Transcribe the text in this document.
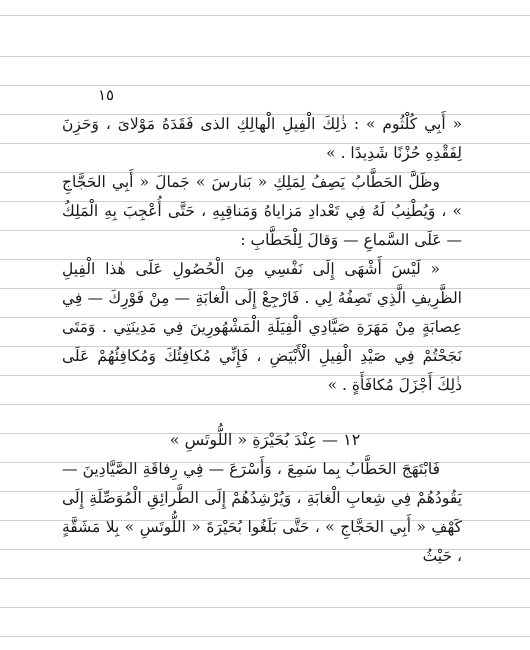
١٥

« أَبِي كُلْثُوم » : ذٰلِكَ الْفِيلِ الْهالِكِ الذى فَقَدَهُ مَوْلاىَ ، وَحَزِنَ لِفَقْدِهِ حُزْنًا شَدِيدًا . »

وظَلَّ الحَطَّابُ يَصِفُ لِمَلِكِ « بَنارسَ » جَمالَ « أَبِي الحَجَّاجِ » ، وَيُطْنِبُ لَهُ فِي تَعْدادِ مَزاياهُ وَمَناقِبِهِ ، حَتَّى أُعْجِبَ بِهِ الْمَلِكُ — عَلَى السَّماعِ — وَقالَ لِلْحَطَّابِ :

« لَيْسَ أَشْهَى إِلَى نَفْسِي مِنَ الْحُصُولِ عَلَى هٰذا الْفِيلِ الظَّرِيفِ الَّذِي تَصِفُهُ لِي . فَارْجِعْ إِلَى الْغابَةِ — مِنْ فَوْرِكَ — فِي عِصابَةٍ مِنْ مَهَرَةِ صَيَّادِي الْفِيَلَةِ الْمَشْهُورِينَ فِي مَدِينَتِي . وَمَتَى نَجَحْتُمْ فِي صَيْدِ الْفِيلِ الْأَبْيَضِ ، فَإِنِّي مُكافِئُكَ وَمُكافِئُهُمْ عَلَى ذٰلِكَ أَجْزَلَ مُكافَأَةٍ . »

١٢ — عِنْدَ بُحَيْرَةِ « اللُّوتَسِ »

فَابْتَهَجَ الحَطَّابُ بِما سَمِعَ ، وَأَسْرَعَ — فِي رِفاقَةِ الصَّيَّادِينَ — يَقُودُهُمْ فِي شِعابِ الْغابَةِ ، وَيُرْشِدُهُمْ إِلَى الطَّرائِقِ الْمُوَصِّلَةِ إِلَى كَهْفِ « أَبِي الحَجَّاجِ » ، حَتَّى بَلَغُوا بُحَيْرَةَ « اللُّوتَسِ » بِلا مَشَقَّةٍ ، حَيْثُ
